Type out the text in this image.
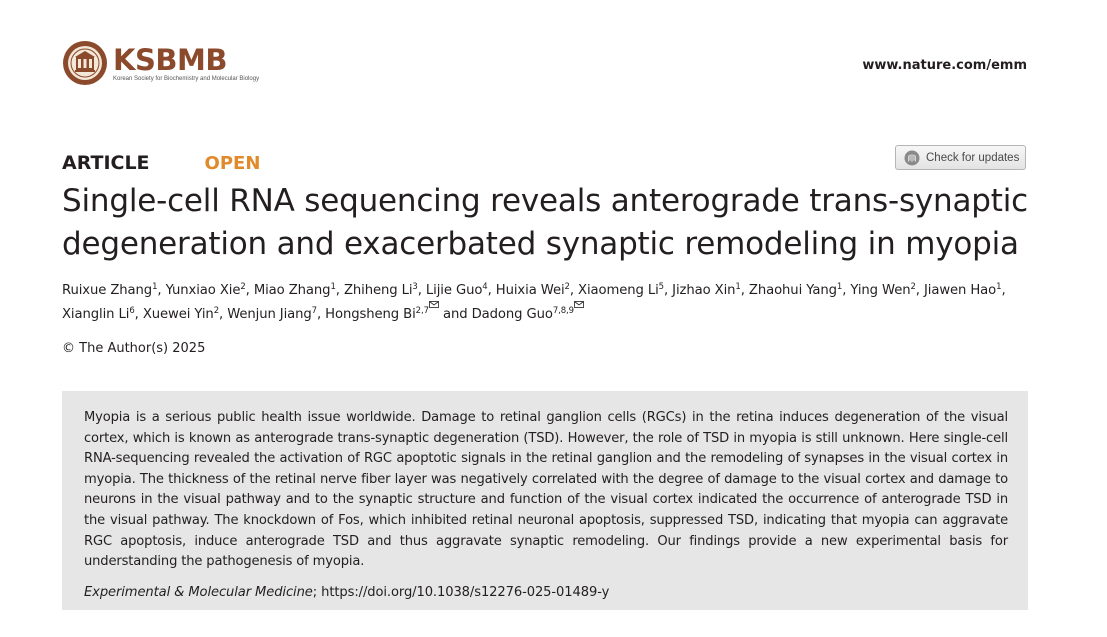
KSBMB
Korean Society for Biochemistry and Molecular Biology
www.nature.com/emm
ARTICLE	OPEN	Check for updates
Single-cell RNA sequencing reveals anterograde trans-synaptic degeneration and exacerbated synaptic remodeling in myopia
Ruixue Zhang$^1$, Yunxiao Xie$^2$, Miao Zhang$^1$, Zhiheng Li$^3$, Lijie Guo$^4$, Huixia Wei$^2$, Xiaomeng Li$^5$, Jizhao Xin$^1$, Zhaohui Yang$^1$, Ying Wen$^2$, Jiawen Hao$^1$, Xianglin Li$^6$, Xuewei Yin$^2$, Wenjun Jiang$^7$, Hongsheng Bi$^{2,7}$ and Dadong Guo$^{7,8,9}$
© The Author(s) 2025

Myopia is a serious public health issue worldwide. Damage to retinal ganglion cells (RGCs) in the retina induces degeneration of the visual cortex, which is known as anterograde trans-synaptic degeneration (TSD). However, the role of TSD in myopia is still unknown. Here single-cell RNA-sequencing revealed the activation of RGC apoptotic signals in the retinal ganglion and the remodeling of synapses in the visual cortex in myopia. The thickness of the retinal nerve fiber layer was negatively correlated with the degree of damage to the visual cortex and damage to neurons in the visual pathway and to the synaptic structure and function of the visual cortex indicated the occurrence of anterograde TSD in the visual pathway. The knockdown of Fos, which inhibited retinal neuronal apoptosis, suppressed TSD, indicating that myopia can aggravate RGC apoptosis, induce anterograde TSD and thus aggravate synaptic remodeling. Our findings provide a new experimental basis for understanding the pathogenesis of myopia.

Experimental & Molecular Medicine; https://doi.org/10.1038/s12276-025-01489-y
